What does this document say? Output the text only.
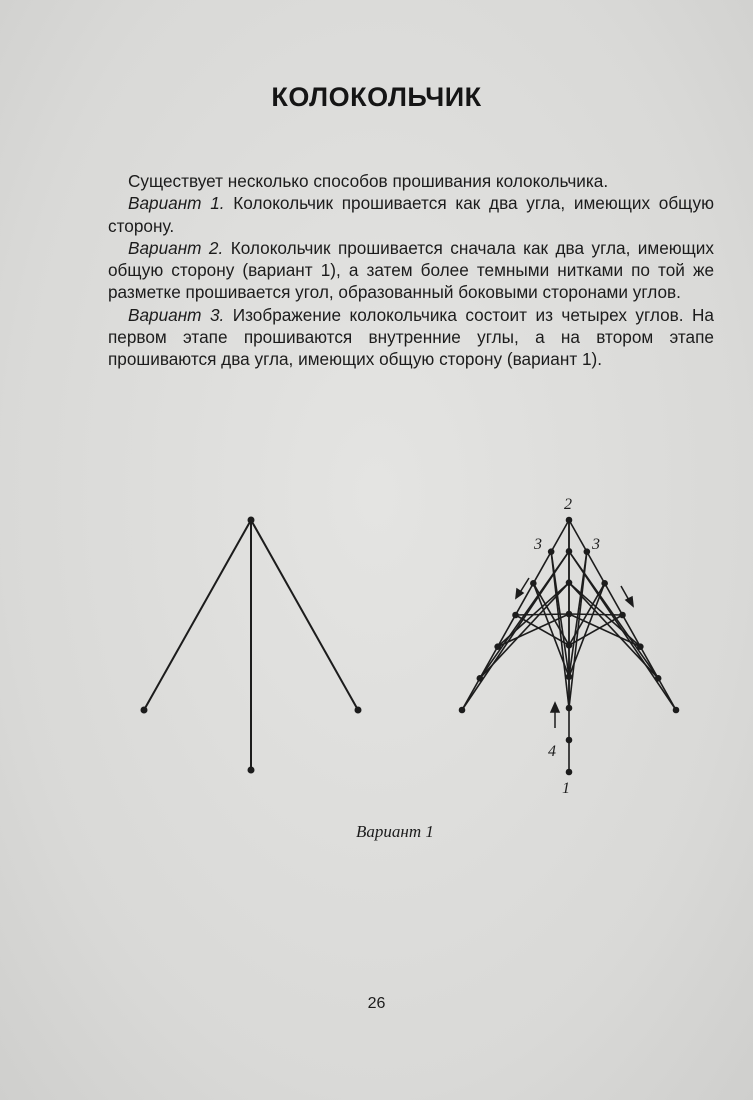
КОЛОКОЛЬЧИК

Существует несколько способов прошивания колокольчика.

Вариант 1. Колокольчик прошивается как два угла, имеющих общую сторону.

Вариант 2. Колокольчик прошивается сначала как два угла, имеющих общую сторону (вариант 1), а затем более темными нитками по той же разметке прошивается угол, образованный боковыми сторонами углов.

Вариант 3. Изображение колокольчика состоит из четырех углов. На первом этапе прошиваются внутренние углы, а на втором этапе прошиваются два угла, имеющих общую сторону (вариант 1).

2
3	3
4
1
Вариант 1
26
